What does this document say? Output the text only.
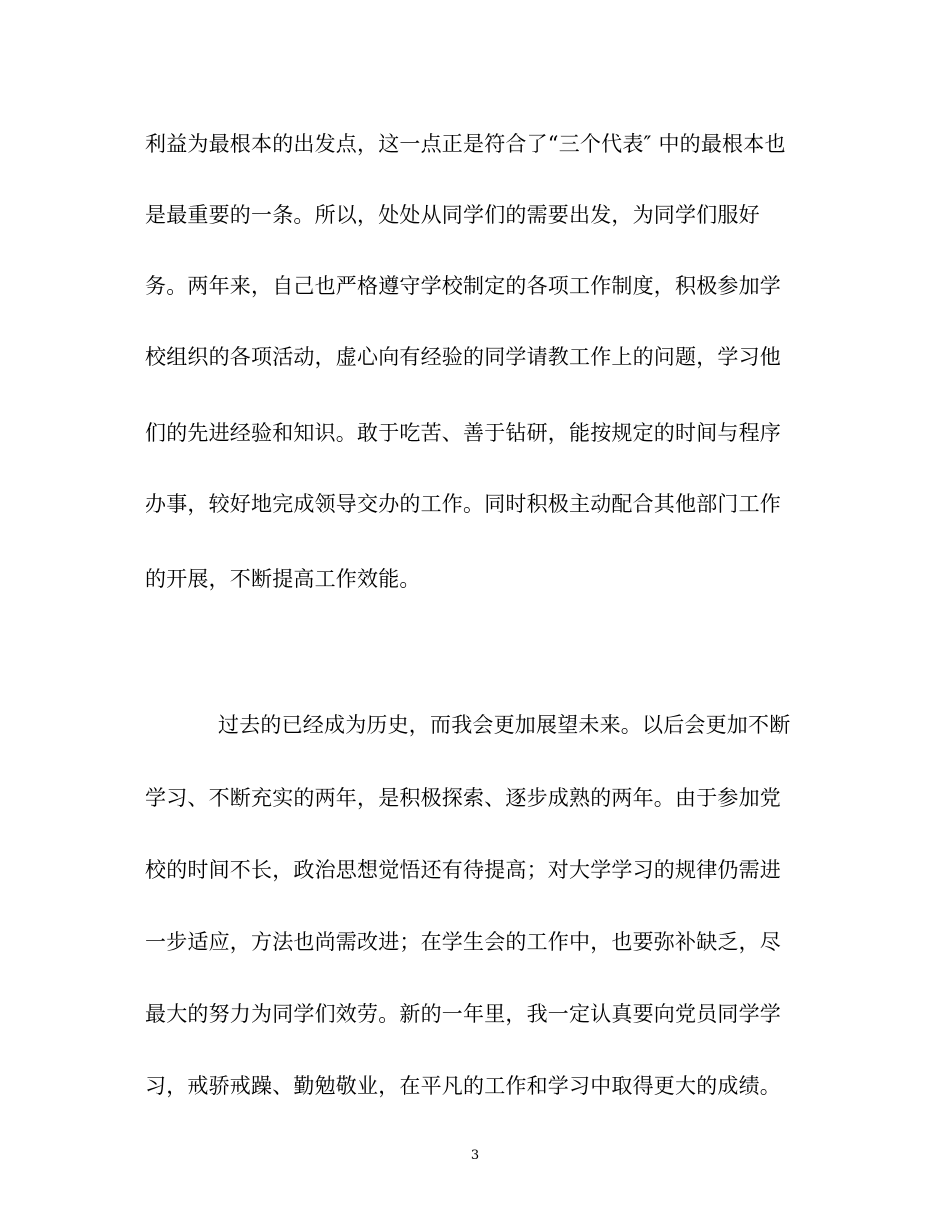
利益为最根本的出发点，这一点正是符合了“三个代表″ 中的最根本也
是最重要的一条。所以，处处从同学们的需要出发，为同学们服好
务。两年来，自己也严格遵守学校制定的各项工作制度，积极参加学
校组织的各项活动，虚心向有经验的同学请教工作上的问题，学习他
们的先进经验和知识。敢于吃苦、善于钻研，能按规定的时间与程序
办事，较好地完成领导交办的工作。同时积极主动配合其他部门工作
的开展，不断提高工作效能。
过去的已经成为历史，而我会更加展望未来。以后会更加不断
学习、不断充实的两年，是积极探索、逐步成熟的两年。由于参加党
校的时间不长，政治思想觉悟还有待提高；对大学学习的规律仍需进
一步适应，方法也尚需改进；在学生会的工作中，也要弥补缺乏，尽
最大的努力为同学们效劳。新的一年里，我一定认真要向党员同学学
习，戒骄戒躁、勤勉敬业，在平凡的工作和学习中取得更大的成绩。
3
